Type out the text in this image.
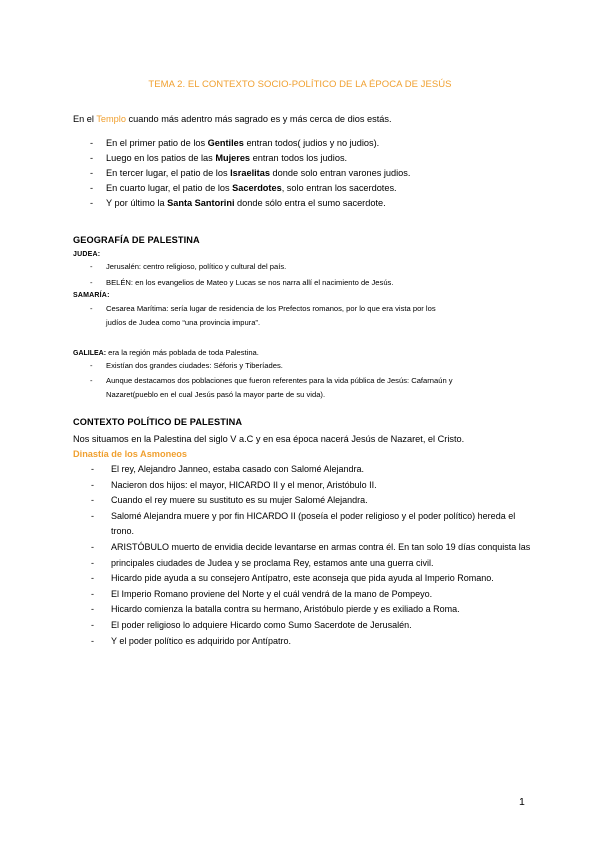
TEMA 2. EL CONTEXTO SOCIO-POLÍTICO DE LA ÉPOCA DE JESÚS
En el Templo cuando más adentro más sagrado es y más cerca de dios estás.
- En el primer patio de los Gentiles entran todos( judios y no judios).
- Luego en los patios de las Mujeres entran todos los judios.
- En tercer lugar, el patio de los Israelitas donde solo entran varones judios.
- En cuarto lugar, el patio de los Sacerdotes, solo entran los sacerdotes.
- Y por último la Santa Santorini donde sólo entra el sumo sacerdote.
GEOGRAFÍA DE PALESTINA
JUDEA:
- Jerusalén: centro religioso, político y cultural del país.
- BELÉN: en los evangelios de Mateo y Lucas se nos narra allí el nacimiento de Jesús.
SAMARÍA:
- Cesarea Marítima: sería lugar de residencia de los Prefectos romanos, por lo que era vista por los
judíos de Judea como “una provincia impura”.
GALILEA: era la región más poblada de toda Palestina.
- Existían dos grandes ciudades: Séforis y Tiberíades.
- Aunque destacamos dos poblaciones que fueron referentes para la vida pública de Jesús: Cafarnaún y
Nazaret(pueblo en el cual Jesús pasó la mayor parte de su vida).
CONTEXTO POLÍTICO DE PALESTINA
Nos situamos en la Palestina del siglo V a.C y en esa época nacerá Jesús de Nazaret, el Cristo.
Dinastía de los Asmoneos
- El rey, Alejandro Janneo, estaba casado con Salomé Alejandra.
- Nacieron dos hijos: el mayor, HICARDO II y el menor, Aristóbulo II.
- Cuando el rey muere su sustituto es su mujer Salomé Alejandra.
- Salomé Alejandra muere y por fin HICARDO II (poseía el poder religioso y el poder político) hereda el trono.
- ARISTÓBULO muerto de envidia decide levantarse en armas contra él. En tan solo 19 días conquista las
- principales ciudades de Judea y se proclama Rey, estamos ante una guerra civil.
- Hicardo pide ayuda a su consejero Antípatro, este aconseja que pida ayuda al Imperio Romano.
- El Imperio Romano proviene del Norte y el cuál vendrá de la mano de Pompeyo.
- Hicardo comienza la batalla contra su hermano, Aristóbulo pierde y es exiliado a Roma.
- El poder religioso lo adquiere Hicardo como Sumo Sacerdote de Jerusalén.
- Y el poder político es adquirido por Antípatro.
1
